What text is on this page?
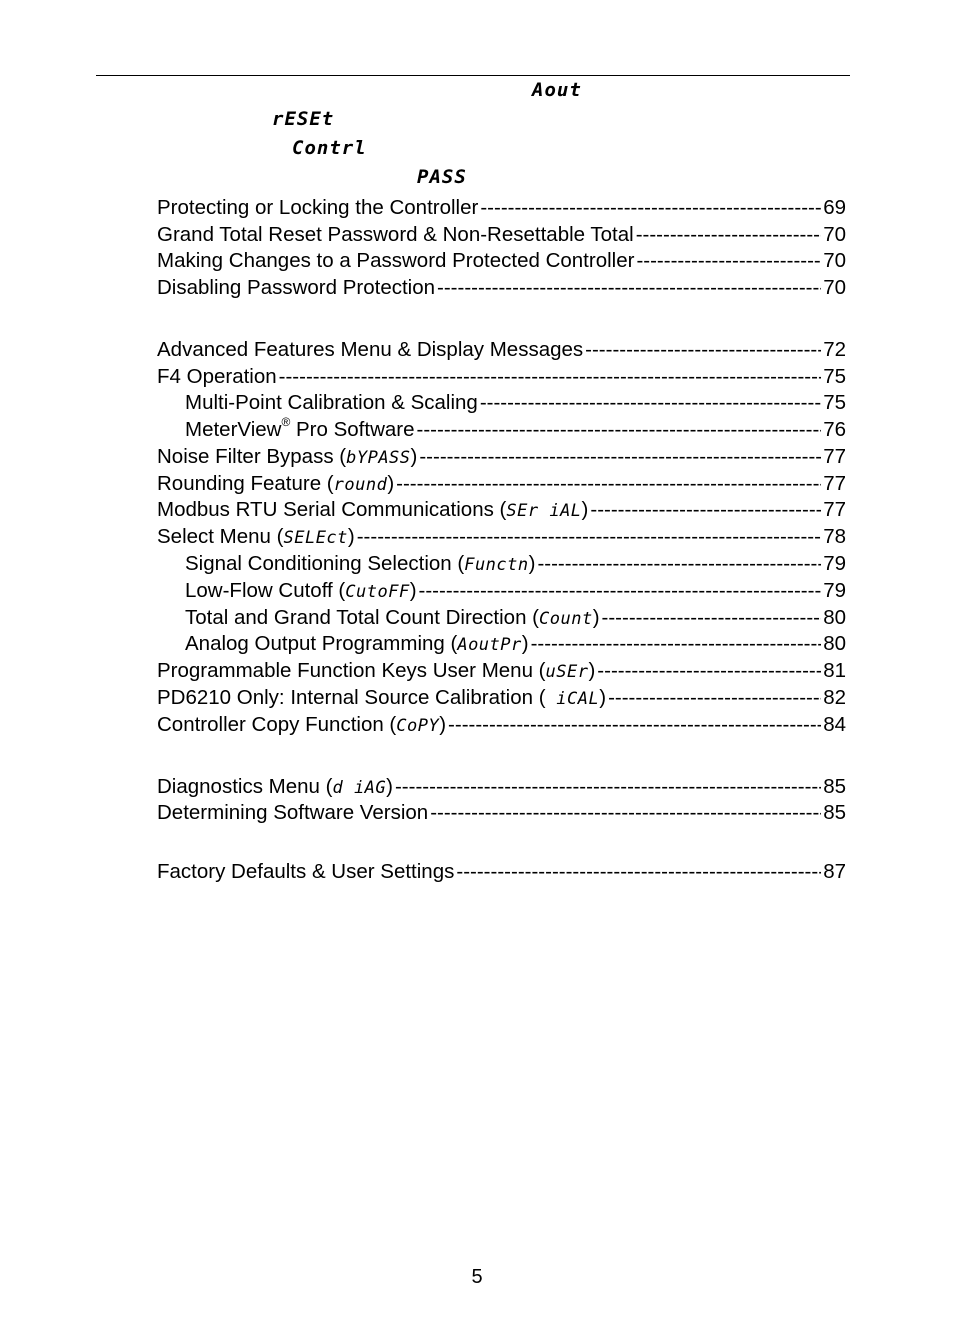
Aout
rESEt
Contrl
PASS
Protecting or Locking the Controller -----	69
Grand Total Reset Password & Non-Resettable Total -----	70
Making Changes to a Password Protected Controller -----	70
Disabling Password Protection -----	70
Advanced Features Menu & Display Messages -----	72
F4 Operation -----	75
Multi-Point Calibration & Scaling -----	75
MeterView® Pro Software -----	76
Noise Filter Bypass (bYPASS) -----	77
Rounding Feature (round) -----	77
Modbus RTU Serial Communications (SEr iAL) -----	77
Select Menu (SELEct) -----	78
Signal Conditioning Selection (Functn) -----	79
Low-Flow Cutoff (CutoFF) -----	79
Total and Grand Total Count Direction (Count) -----	80
Analog Output Programming (AoutPr) -----	80
Programmable Function Keys User Menu (uSEr) -----	81
PD6210 Only: Internal Source Calibration ( iCAL) -----	82
Controller Copy Function (CoPY) -----	84
Diagnostics Menu (d iAG) -----	85
Determining Software Version -----	85
Factory Defaults & User Settings -----	87
5
